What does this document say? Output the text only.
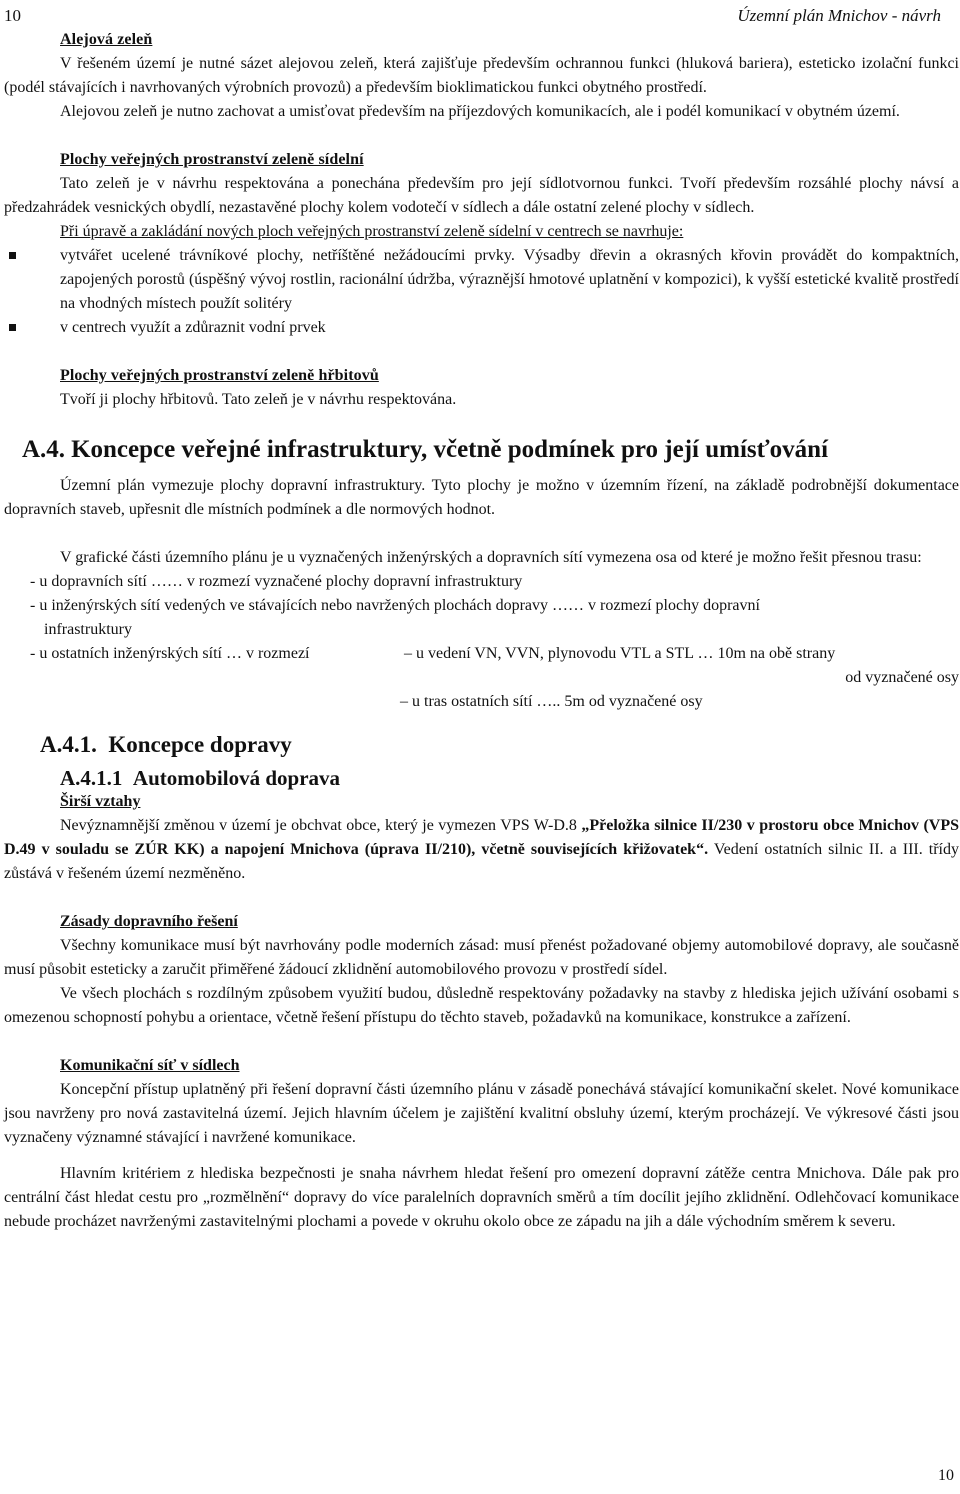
10	Územní plán Mnichov - návrh
Alejová zeleň

V řešeném území je nutné sázet alejovou zeleň, která zajišťuje především ochrannou funkci (hluková bariera), esteticko izolační funkci (podél stávajících i navrhovaných výrobních provozů) a především bioklimatickou funkci obytného prostředí.

Alejovou zeleň je nutno zachovat a umisťovat především na příjezdových komunikacích, ale i podél komunikací v obytném území.

Plochy veřejných prostranství zeleně sídelní

Tato zeleň je v návrhu respektována a ponechána především pro její sídlotvornou funkci. Tvoří především rozsáhlé plochy návsí a předzahrádek vesnických obydlí, nezastavěné plochy kolem vodotečí v sídlech a dále ostatní zelené plochy v sídlech.

Při úpravě a zakládání nových ploch veřejných prostranství zeleně sídelní v centrech se navrhuje:
vytvářet ucelené trávníkové plochy, netříštěné nežádoucími prvky. Výsadby dřevin a okrasných křovin provádět do kompaktních, zapojených porostů (úspěšný vývoj rostlin, racionální údržba, výraznější hmotové uplatnění v kompozici), k vyšší estetické kvalitě prostředí na vhodných místech použít solitéry
v centrech využít a zdůraznit vodní prvek
Plochy veřejných prostranství zeleně hřbitovů

Tvoří ji plochy hřbitovů. Tato zeleň je v návrhu respektována.

A.4. Koncepce veřejné infrastruktury, včetně podmínek pro její umísťování

Územní plán vymezuje plochy dopravní infrastruktury. Tyto plochy je možno v územním řízení, na základě podrobnější dokumentace dopravních staveb, upřesnit dle místních podmínek a dle normových hodnot.

V grafické části územního plánu je u vyznačených inženýrských a dopravních sítí vymezena osa od které je možno řešit přesnou trasu:

- u dopravních sítí …… v rozmezí vyznačené plochy dopravní infrastruktury
- u inženýrských sítí vedených ve stávajících nebo navržených plochách dopravy …… v rozmezí plochy dopravní
infrastruktury
- u ostatních inženýrských sítí … v rozmezí	– u vedení VN, VVN, plynovodu VTL a STL … 10m na obě strany
od vyznačené osy
– u tras ostatních sítí ….. 5m od vyznačené osy
A.4.1. Koncepce dopravy
A.4.1.1 Automobilová doprava
Širší vztahy

Nevýznamnější změnou v území je obchvat obce, který je vymezen VPS W-D.8 „Přeložka silnice II/230 v prostoru obce Mnichov (VPS D.49 v souladu se ZÚR KK) a napojení Mnichova (úprava II/210), včetně souvisejících křižovatek“. Vedení ostatních silnic II. a III. třídy zůstává v řešeném území nezměněno.

Zásady dopravního řešení

Všechny komunikace musí být navrhovány podle moderních zásad: musí přenést požadované objemy automobilové dopravy, ale současně musí působit esteticky a zaručit přiměřené žádoucí zklidnění automobilového provozu v prostředí sídel.

Ve všech plochách s rozdílným způsobem využití budou, důsledně respektovány požadavky na stavby z hlediska jejich užívání osobami s omezenou schopností pohybu a orientace, včetně řešení přístupu do těchto staveb, požadavků na komunikace, konstrukce a zařízení.

Komunikační síť v sídlech

Koncepční přístup uplatněný při řešení dopravní části územního plánu v zásadě ponechává stávající komunikační skelet. Nové komunikace jsou navrženy pro nová zastavitelná území. Jejich hlavním účelem je zajištění kvalitní obsluhy území, kterým procházejí. Ve výkresové části jsou vyznačeny významné stávající i navržené komunikace.

Hlavním kritériem z hlediska bezpečnosti je snaha návrhem hledat řešení pro omezení dopravní zátěže centra Mnichova. Dále pak pro centrální část hledat cestu pro „rozmělnění“ dopravy do více paralelních dopravních směrů a tím docílit jejího zklidnění. Odlehčovací komunikace nebude procházet navrženými zastavitelnými plochami a povede v okruhu okolo obce ze západu na jih a dále východním směrem k severu.

10
